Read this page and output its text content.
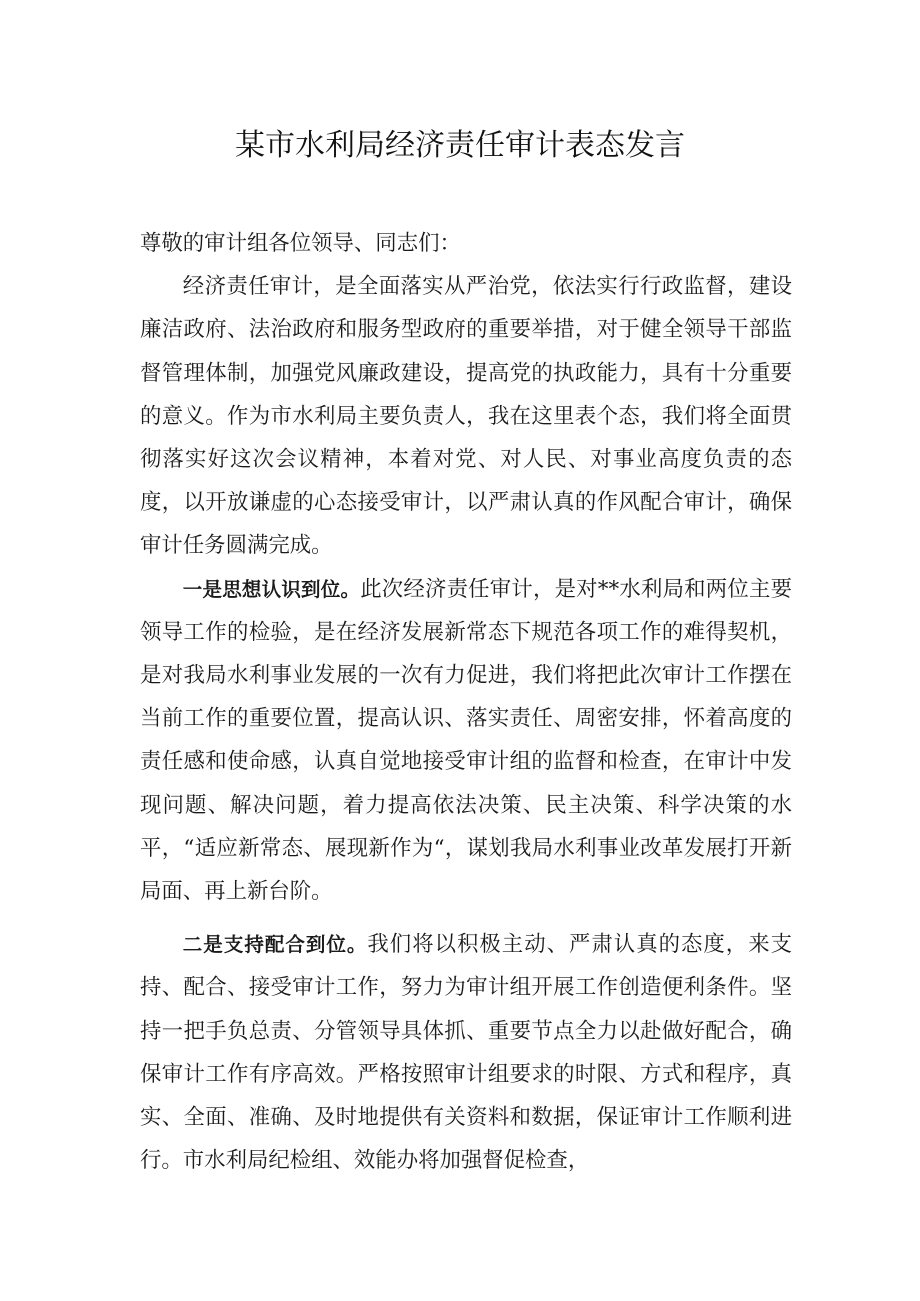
某市水利局经济责任审计表态发言

尊敬的审计组各位领导、同志们：

经济责任审计，是全面落实从严治党，依法实行行政监督，建设廉洁政府、法治政府和服务型政府的重要举措，对于健全领导干部监督管理体制，加强党风廉政建设，提高党的执政能力，具有十分重要的意义。作为市水利局主要负责人，我在这里表个态，我们将全面贯彻落实好这次会议精神，本着对党、对人民、对事业高度负责的态度，以开放谦虚的心态接受审计，以严肃认真的作风配合审计，确保审计任务圆满完成。

一是思想认识到位。此次经济责任审计，是对**水利局和两位主要领导工作的检验，是在经济发展新常态下规范各项工作的难得契机，是对我局水利事业发展的一次有力促进，我们将把此次审计工作摆在当前工作的重要位置，提高认识、落实责任、周密安排，怀着高度的责任感和使命感，认真自觉地接受审计组的监督和检查，在审计中发现问题、解决问题，着力提高依法决策、民主决策、科学决策的水平，“适应新常态、展现新作为“，谋划我局水利事业改革发展打开新局面、再上新台阶。

二是支持配合到位。我们将以积极主动、严肃认真的态度，来支持、配合、接受审计工作，努力为审计组开展工作创造便利条件。坚持一把手负总责、分管领导具体抓、重要节点全力以赴做好配合，确保审计工作有序高效。严格按照审计组要求的时限、方式和程序，真实、全面、准确、及时地提供有关资料和数据，保证审计工作顺利进行。市水利局纪检组、效能办将加强督促检查，
